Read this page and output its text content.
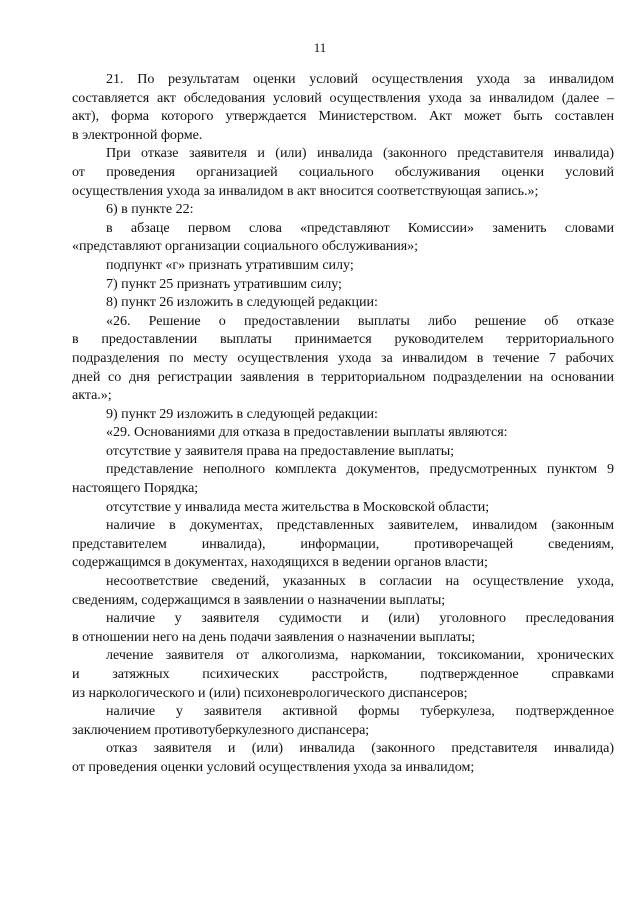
11
21. По результатам оценки условий осуществления ухода за инвалидом
составляется акт обследования условий осуществления ухода за инвалидом (далее –
акт), форма которого утверждается Министерством. Акт может быть составлен
в электронной форме.
При отказе заявителя и (или) инвалида (законного представителя инвалида)
от проведения организацией социального обслуживания оценки условий
осуществления ухода за инвалидом в акт вносится соответствующая запись.»;
6) в пункте 22:
в абзаце первом слова «представляют Комиссии» заменить словами
«представляют организации социального обслуживания»;
подпункт «г» признать утратившим силу;
7) пункт 25 признать утратившим силу;
8) пункт 26 изложить в следующей редакции:
«26. Решение о предоставлении выплаты либо решение об отказе
в предоставлении выплаты принимается руководителем территориального
подразделения по месту осуществления ухода за инвалидом в течение 7 рабочих
дней со дня регистрации заявления в территориальном подразделении на основании
акта.»;
9) пункт 29 изложить в следующей редакции:
«29. Основаниями для отказа в предоставлении выплаты являются:
отсутствие у заявителя права на предоставление выплаты;
представление неполного комплекта документов, предусмотренных пунктом 9
настоящего Порядка;
отсутствие у инвалида места жительства в Московской области;
наличие в документах, представленных заявителем, инвалидом (законным
представителем инвалида), информации, противоречащей сведениям,
содержащимся в документах, находящихся в ведении органов власти;
несоответствие сведений, указанных в согласии на осуществление ухода,
сведениям, содержащимся в заявлении о назначении выплаты;
наличие у заявителя судимости и (или) уголовного преследования
в отношении него на день подачи заявления о назначении выплаты;
лечение заявителя от алкоголизма, наркомании, токсикомании, хронических
и затяжных психических расстройств, подтвержденное справками
из наркологического и (или) психоневрологического диспансеров;
наличие у заявителя активной формы туберкулеза, подтвержденное
заключением противотуберкулезного диспансера;
отказ заявителя и (или) инвалида (законного представителя инвалида)
от проведения оценки условий осуществления ухода за инвалидом;
